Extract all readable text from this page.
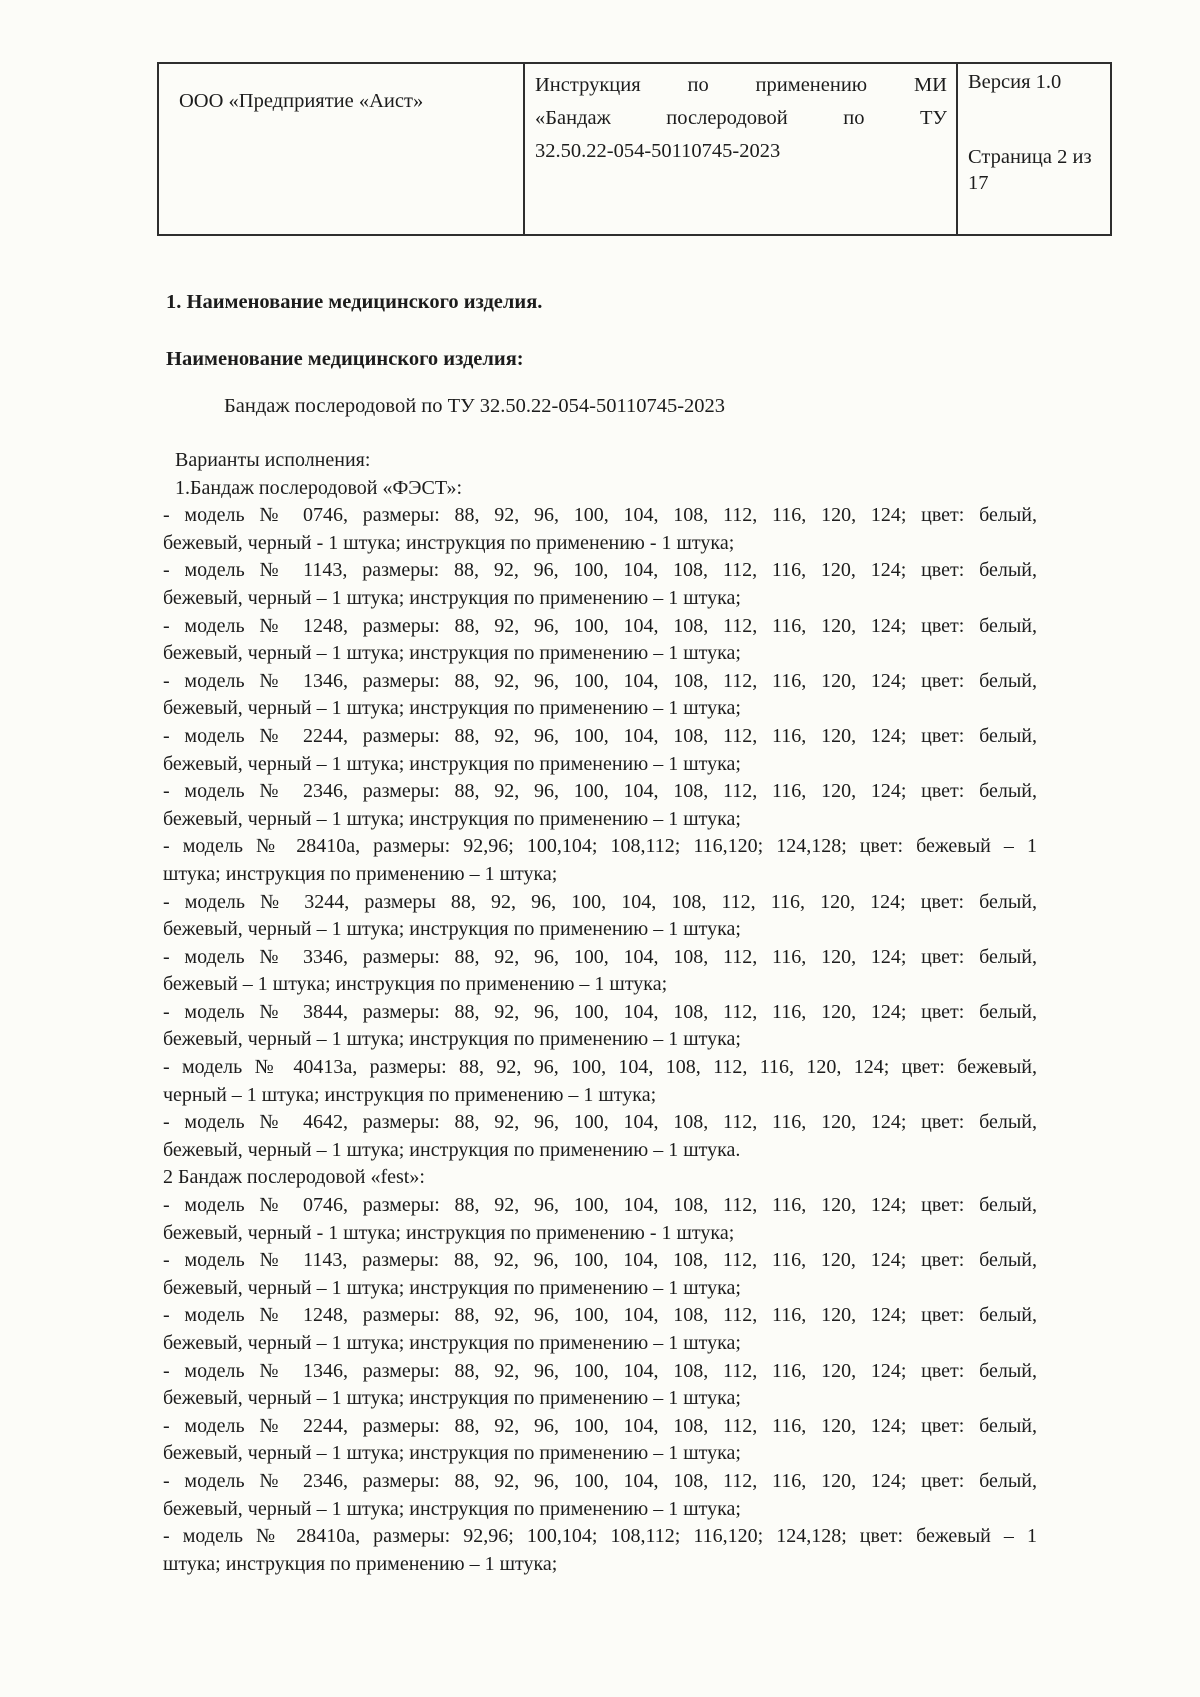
ООО «Предприятие «Аист»

Инструкция по применению МИ
«Бандаж послеродовой по ТУ
32.50.22-054-50110745-2023

Версия 1.0
Страница 2 из 17
1. Наименование медицинского изделия.
Наименование медицинского изделия:
Бандаж послеродовой по ТУ 32.50.22-054-50110745-2023
Варианты исполнения:
1.Бандаж послеродовой «ФЭСТ»:
- модель № 0746, размеры: 88, 92, 96, 100, 104, 108, 112, 116, 120, 124; цвет: белый,
бежевый, черный - 1 штука; инструкция по применению - 1 штука;
- модель № 1143, размеры: 88, 92, 96, 100, 104, 108, 112, 116, 120, 124; цвет: белый,
бежевый, черный – 1 штука; инструкция по применению – 1 штука;
- модель № 1248, размеры: 88, 92, 96, 100, 104, 108, 112, 116, 120, 124; цвет: белый,
бежевый, черный – 1 штука; инструкция по применению – 1 штука;
- модель № 1346, размеры: 88, 92, 96, 100, 104, 108, 112, 116, 120, 124; цвет: белый,
бежевый, черный – 1 штука; инструкция по применению – 1 штука;
- модель № 2244, размеры: 88, 92, 96, 100, 104, 108, 112, 116, 120, 124; цвет: белый,
бежевый, черный – 1 штука; инструкция по применению – 1 штука;
- модель № 2346, размеры: 88, 92, 96, 100, 104, 108, 112, 116, 120, 124; цвет: белый,
бежевый, черный – 1 штука; инструкция по применению – 1 штука;
- модель № 28410а, размеры: 92,96; 100,104; 108,112; 116,120; 124,128; цвет: бежевый – 1
штука; инструкция по применению – 1 штука;
- модель № 3244, размеры 88, 92, 96, 100, 104, 108, 112, 116, 120, 124; цвет: белый,
бежевый, черный – 1 штука; инструкция по применению – 1 штука;
- модель № 3346, размеры: 88, 92, 96, 100, 104, 108, 112, 116, 120, 124; цвет: белый,
бежевый – 1 штука; инструкция по применению – 1 штука;
- модель № 3844, размеры: 88, 92, 96, 100, 104, 108, 112, 116, 120, 124; цвет: белый,
бежевый, черный – 1 штука; инструкция по применению – 1 штука;
- модель № 40413а, размеры: 88, 92, 96, 100, 104, 108, 112, 116, 120, 124; цвет: бежевый,
черный – 1 штука; инструкция по применению – 1 штука;
- модель № 4642, размеры: 88, 92, 96, 100, 104, 108, 112, 116, 120, 124; цвет: белый,
бежевый, черный – 1 штука; инструкция по применению – 1 штука.
2 Бандаж послеродовой «fest»:
- модель № 0746, размеры: 88, 92, 96, 100, 104, 108, 112, 116, 120, 124; цвет: белый,
бежевый, черный - 1 штука; инструкция по применению - 1 штука;
- модель № 1143, размеры: 88, 92, 96, 100, 104, 108, 112, 116, 120, 124; цвет: белый,
бежевый, черный – 1 штука; инструкция по применению – 1 штука;
- модель № 1248, размеры: 88, 92, 96, 100, 104, 108, 112, 116, 120, 124; цвет: белый,
бежевый, черный – 1 штука; инструкция по применению – 1 штука;
- модель № 1346, размеры: 88, 92, 96, 100, 104, 108, 112, 116, 120, 124; цвет: белый,
бежевый, черный – 1 штука; инструкция по применению – 1 штука;
- модель № 2244, размеры: 88, 92, 96, 100, 104, 108, 112, 116, 120, 124; цвет: белый,
бежевый, черный – 1 штука; инструкция по применению – 1 штука;
- модель № 2346, размеры: 88, 92, 96, 100, 104, 108, 112, 116, 120, 124; цвет: белый,
бежевый, черный – 1 штука; инструкция по применению – 1 штука;
- модель № 28410а, размеры: 92,96; 100,104; 108,112; 116,120; 124,128; цвет: бежевый – 1
штука; инструкция по применению – 1 штука;
